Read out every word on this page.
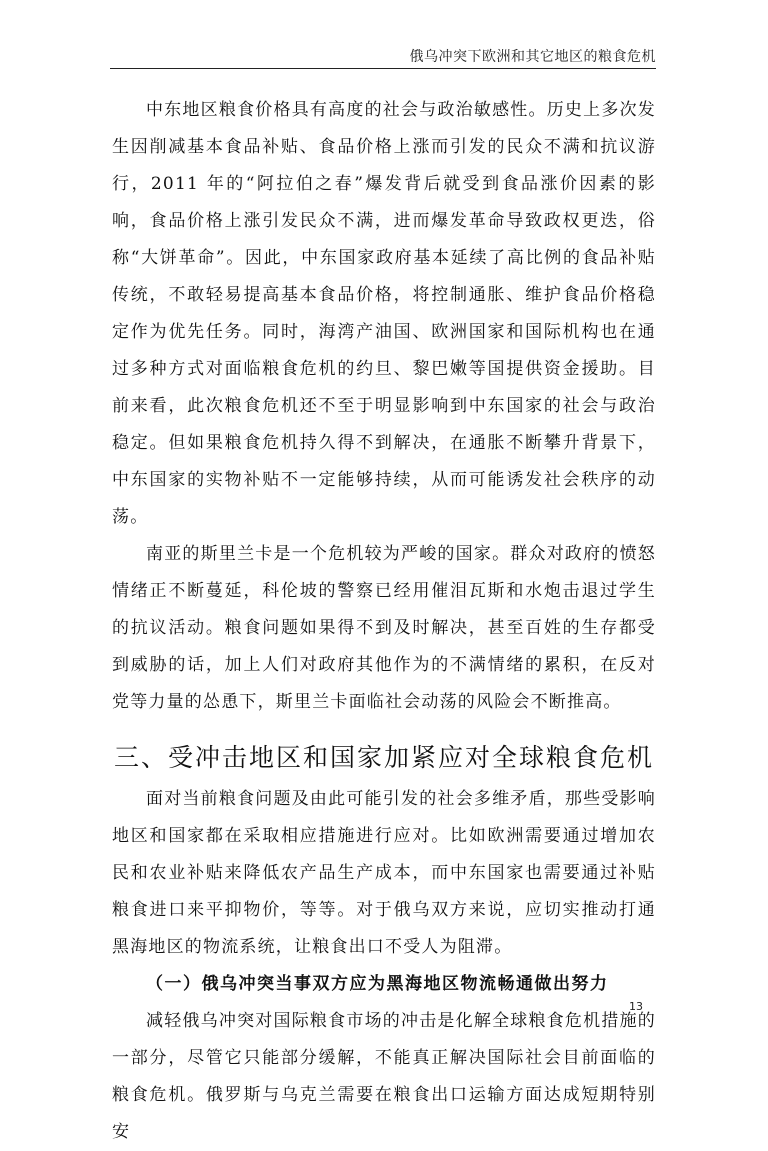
俄乌冲突下欧洲和其它地区的粮食危机

中东地区粮食价格具有高度的社会与政治敏感性。历史上多次发生因削减基本食品补贴、食品价格上涨而引发的民众不满和抗议游行，2011 年的“阿拉伯之春”爆发背后就受到食品涨价因素的影响，食品价格上涨引发民众不满，进而爆发革命导致政权更迭，俗称“大饼革命”。因此，中东国家政府基本延续了高比例的食品补贴传统，不敢轻易提高基本食品价格，将控制通胀、维护食品价格稳定作为优先任务。同时，海湾产油国、欧洲国家和国际机构也在通过多种方式对面临粮食危机的约旦、黎巴嫩等国提供资金援助。目前来看，此次粮食危机还不至于明显影响到中东国家的社会与政治稳定。但如果粮食危机持久得不到解决，在通胀不断攀升背景下，中东国家的实物补贴不一定能够持续，从而可能诱发社会秩序的动荡。

南亚的斯里兰卡是一个危机较为严峻的国家。群众对政府的愤怒情绪正不断蔓延，科伦坡的警察已经用催泪瓦斯和水炮击退过学生的抗议活动。粮食问题如果得不到及时解决，甚至百姓的生存都受到威胁的话，加上人们对政府其他作为的不满情绪的累积，在反对党等力量的怂恿下，斯里兰卡面临社会动荡的风险会不断推高。

三、受冲击地区和国家加紧应对全球粮食危机

面对当前粮食问题及由此可能引发的社会多维矛盾，那些受影响地区和国家都在采取相应措施进行应对。比如欧洲需要通过增加农民和农业补贴来降低农产品生产成本，而中东国家也需要通过补贴粮食进口来平抑物价，等等。对于俄乌双方来说，应切实推动打通黑海地区的物流系统，让粮食出口不受人为阻滞。

（一）俄乌冲突当事双方应为黑海地区物流畅通做出努力

减轻俄乌冲突对国际粮食市场的冲击是化解全球粮食危机措施的一部分，尽管它只能部分缓解，不能真正解决国际社会目前面临的粮食危机。俄罗斯与乌克兰需要在粮食出口运输方面达成短期特别安

13
